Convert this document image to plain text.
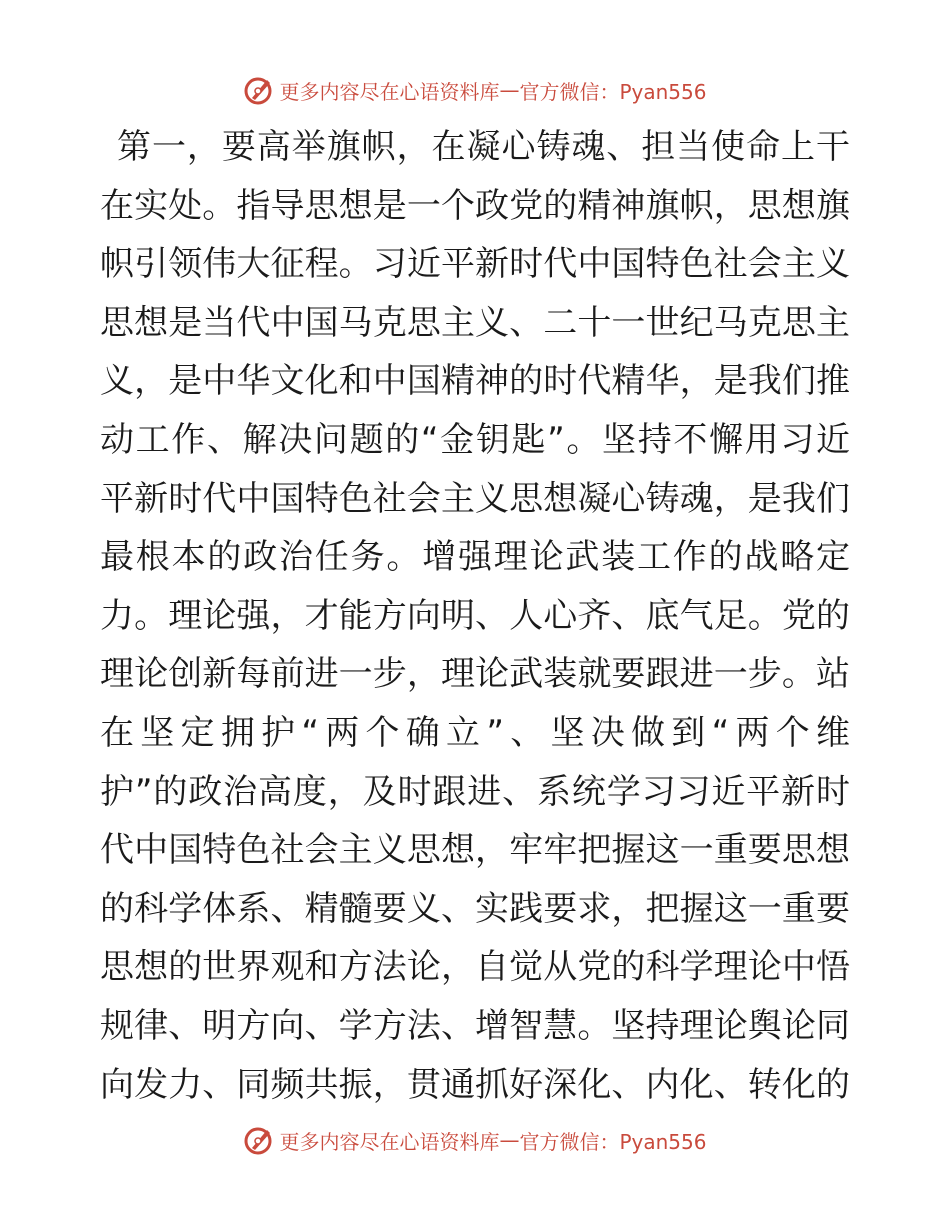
更多内容尽在心语资料库 — 官方微信：Pyan556
第一，要高举旗帜，在凝心铸魂、担当使命上干
在实处。指导思想是一个政党的精神旗帜，思想旗
帜引领伟大征程。习近平新时代中国特色社会主义
思想是当代中国马克思主义、二十一世纪马克思主
义，是中华文化和中国精神的时代精华，是我们推
动工作、解决问题的“金钥匙”。坚持不懈用习近
平新时代中国特色社会主义思想凝心铸魂，是我们
最根本的政治任务。增强理论武装工作的战略定
力。理论强，才能方向明、人心齐、底气足。党的
理论创新每前进一步，理论武装就要跟进一步。站
在坚定拥护“两个确立”、坚决做到“两个维
护”的政治高度，及时跟进、系统学习习近平新时
代中国特色社会主义思想，牢牢把握这一重要思想
的科学体系、精髓要义、实践要求，把握这一重要
思想的世界观和方法论，自觉从党的科学理论中悟
规律、明方向、学方法、增智慧。坚持理论舆论同
向发力、同频共振，贯通抓好深化、内化、转化的
更多内容尽在心语资料库 — 官方微信：Pyan556
